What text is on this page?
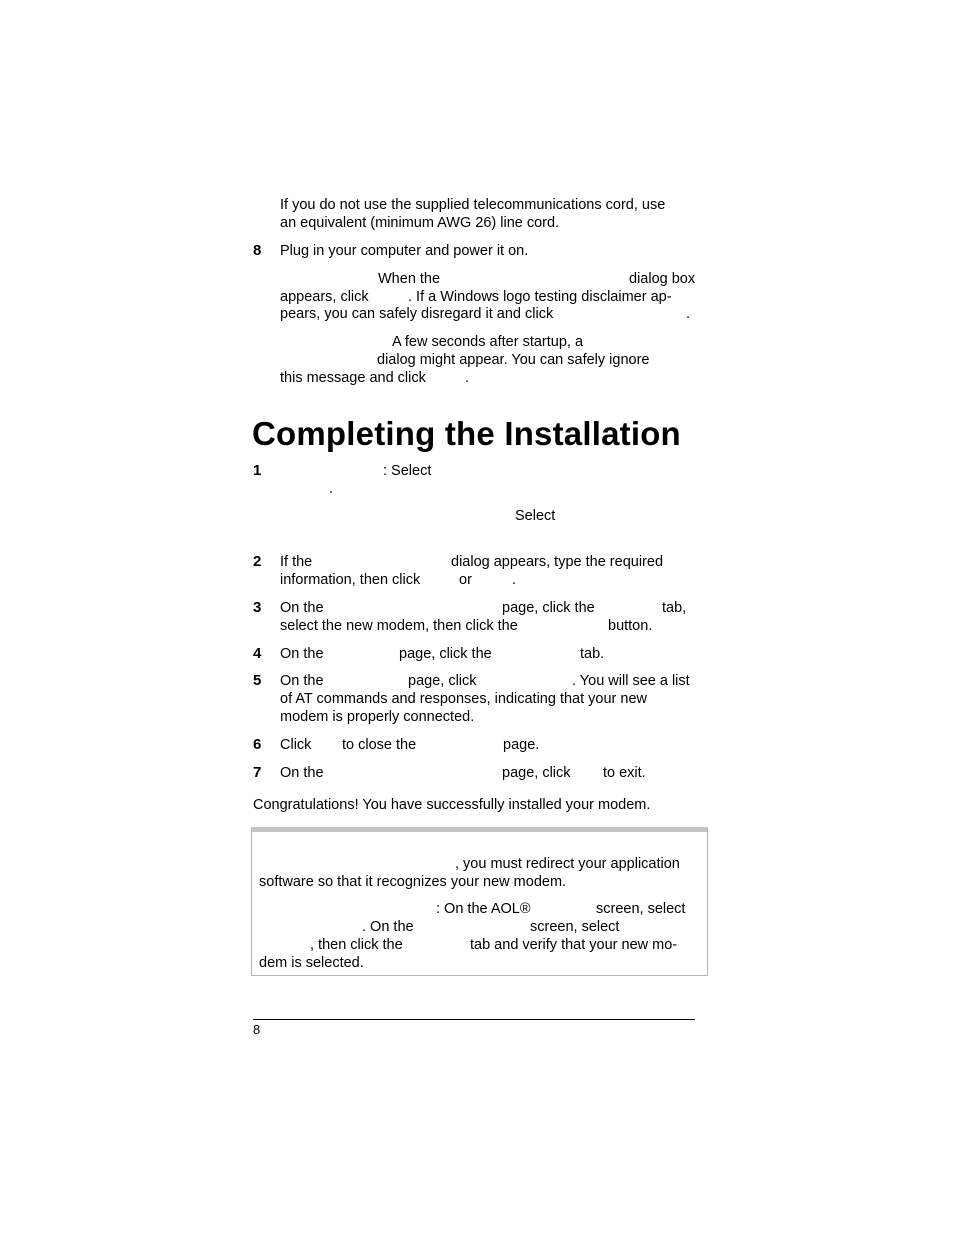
If you do not use the supplied telecommunications cord, use
an equivalent (minimum AWG 26) line cord.
8 Plug in your computer and power it on.
When the	dialog box
appears, click	. If a Windows logo testing disclaimer ap-
pears, you can safely disregard it and click	.
A few seconds after startup, a
dialog might appear. You can safely ignore
this message and click	.
Completing the Installation
1	: Select
.
Select
2 If the	dialog appears, type the required
information, then click	or	.
3 On the	page, click the	tab,
select the new modem, then click the	button.
4 On the	page, click the	tab.
5 On the	page, click	. You will see a list
of AT commands and responses, indicating that your new
modem is properly connected.
6 Click to close the	page.
7 On the	page, click to exit.
Congratulations! You have successfully installed your modem.
, you must redirect your application
software so that it recognizes your new modem.
: On the AOL®	screen, select
. On the	screen, select
, then click the	tab and verify that your new mo-
dem is selected.
8
